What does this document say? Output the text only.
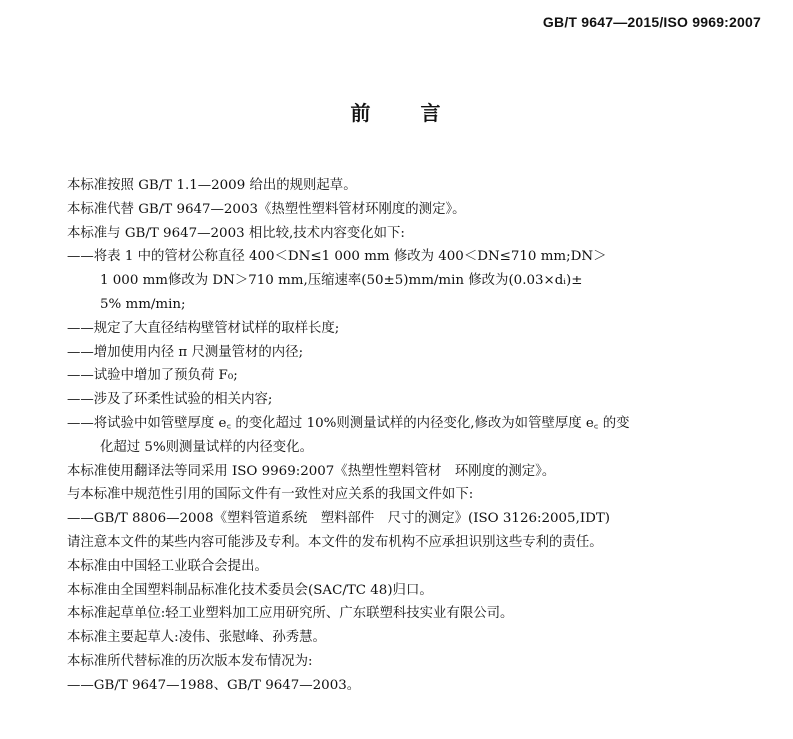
GB/T 9647—2015/ISO 9969:2007
前 言
本标准按照 GB/T 1.1—2009 给出的规则起草。
本标准代替 GB/T 9647—2003《热塑性塑料管材环刚度的测定》。
本标准与 GB/T 9647—2003 相比较,技术内容变化如下:
——将表 1 中的管材公称直径 400＜DN≤1 000 mm 修改为 400＜DN≤710 mm;DN＞
1 000 mm修改为 DN＞710 mm,压缩速率(50±5)mm/min 修改为(0.03×dᵢ)±
5% mm/min;
——规定了大直径结构壁管材试样的取样长度;
——增加使用内径 π 尺测量管材的内径;
——试验中增加了预负荷 F₀;
——涉及了环柔性试验的相关内容;
——将试验中如管壁厚度 e꜀ 的变化超过 10%则测量试样的内径变化,修改为如管壁厚度 e꜀ 的变
化超过 5%则测量试样的内径变化。
本标准使用翻译法等同采用 ISO 9969:2007《热塑性塑料管材　环刚度的测定》。
与本标准中规范性引用的国际文件有一致性对应关系的我国文件如下:
——GB/T 8806—2008《塑料管道系统　塑料部件　尺寸的测定》(ISO 3126:2005,IDT)
请注意本文件的某些内容可能涉及专利。本文件的发布机构不应承担识别这些专利的责任。
本标准由中国轻工业联合会提出。
本标准由全国塑料制品标准化技术委员会(SAC/TC 48)归口。
本标准起草单位:轻工业塑料加工应用研究所、广东联塑科技实业有限公司。
本标准主要起草人:凌伟、张慰峰、孙秀慧。
本标准所代替标准的历次版本发布情况为:
——GB/T 9647—1988、GB/T 9647—2003。
